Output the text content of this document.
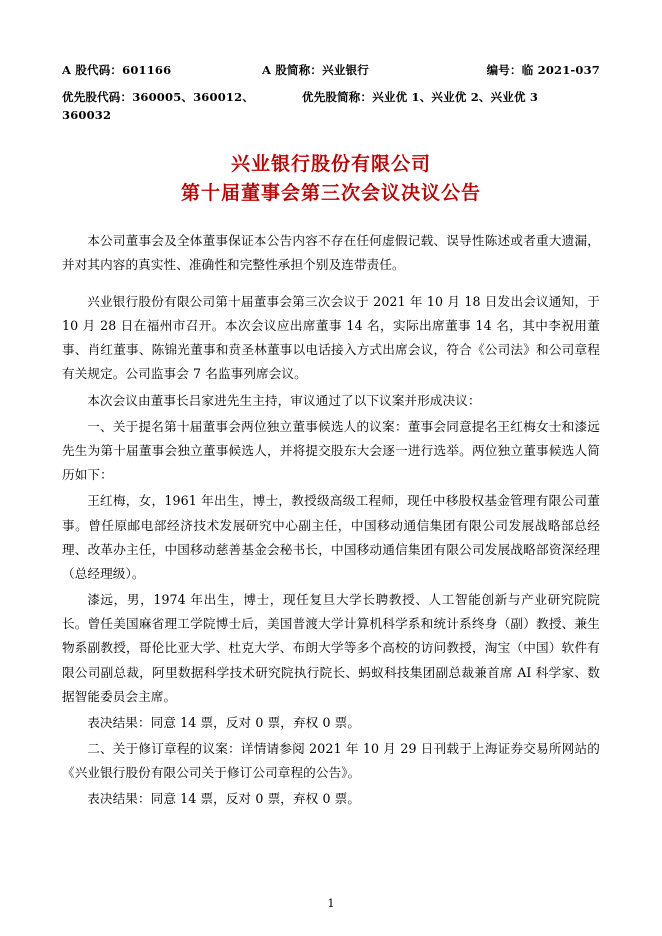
A 股代码：601166	A 股简称：兴业银行	编号：临 2021-037
优先股代码：360005、360012、360032
优先股简称：兴业优 1、兴业优 2、兴业优 3
兴业银行股份有限公司
第十届董事会第三次会议决议公告

本公司董事会及全体董事保证本公告内容不存在任何虚假记载、误导性陈述或者重大遗漏，并对其内容的真实性、准确性和完整性承担个别及连带责任。

兴业银行股份有限公司第十届董事会第三次会议于 2021 年 10 月 18 日发出会议通知，于 10 月 28 日在福州市召开。本次会议应出席董事 14 名，实际出席董事 14 名，其中李祝用董事、肖红董事、陈锦光董事和贲圣林董事以电话接入方式出席会议，符合《公司法》和公司章程有关规定。公司监事会 7 名监事列席会议。

本次会议由董事长吕家进先生主持，审议通过了以下议案并形成决议：

一、关于提名第十届董事会两位独立董事候选人的议案：董事会同意提名王红梅女士和漆远先生为第十届董事会独立董事候选人，并将提交股东大会逐一进行选举。两位独立董事候选人简历如下：

王红梅，女，1961 年出生，博士，教授级高级工程师，现任中移股权基金管理有限公司董事。曾任原邮电部经济技术发展研究中心副主任，中国移动通信集团有限公司发展战略部总经理、改革办主任，中国移动慈善基金会秘书长，中国移动通信集团有限公司发展战略部资深经理（总经理级）。

漆远，男，1974 年出生，博士，现任复旦大学长聘教授、人工智能创新与产业研究院院长。曾任美国麻省理工学院博士后，美国普渡大学计算机科学系和统计系终身（副）教授、兼生物系副教授，哥伦比亚大学、杜克大学、布朗大学等多个高校的访问教授，淘宝（中国）软件有限公司副总裁，阿里数据科学技术研究院执行院长、蚂蚁科技集团副总裁兼首席 AI 科学家、数据智能委员会主席。

表决结果：同意 14 票，反对 0 票，弃权 0 票。

二、关于修订章程的议案：详情请参阅 2021 年 10 月 29 日刊载于上海证券交易所网站的《兴业银行股份有限公司关于修订公司章程的公告》。

表决结果：同意 14 票，反对 0 票，弃权 0 票。

1
